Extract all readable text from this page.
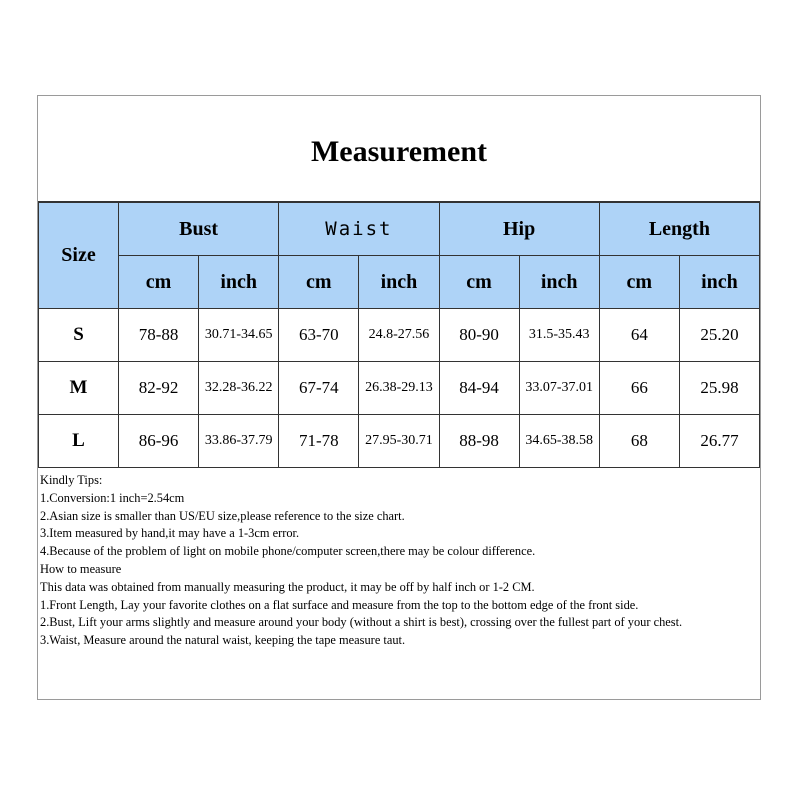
Measurement
Size	Bust		Waist		Hip		Length	
	cm	inch	cm	inch	cm	inch	cm	inch
S	78-88	30.71-34.65	63-70	24.8-27.56	80-90	31.5-35.43	64	25.20
M	82-92	32.28-36.22	67-74	26.38-29.13	84-94	33.07-37.01	66	25.98
L	86-96	33.86-37.79	71-78	27.95-30.71	88-98	34.65-38.58	68	26.77
Kindly Tips:
1.Conversion:1 inch=2.54cm
2.Asian size is smaller than US/EU size,please reference to the size chart.
3.Item measured by hand,it may have a 1-3cm error.
4.Because of the problem of light on mobile phone/computer screen,there may be colour difference.
How to measure
This data was obtained from manually measuring the product, it may be off by half inch or 1-2 CM.
1.Front Length, Lay your favorite clothes on a flat surface and measure from the top to the bottom edge of the front side.
2.Bust, Lift your arms slightly and measure around your body (without a shirt is best), crossing over the fullest part of your chest.
3.Waist, Measure around the natural waist, keeping the tape measure taut.
